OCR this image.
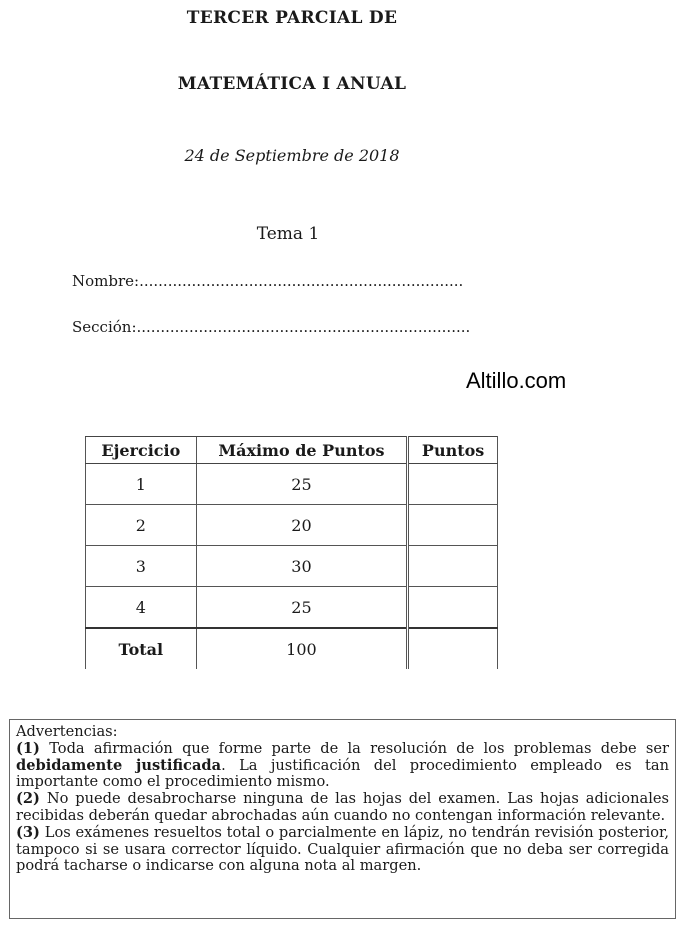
TERCER PARCIAL DE
MATEMÁTICA I ANUAL
24 de Septiembre de 2018
Tema 1
Nombre:....................................................................
Sección:......................................................................
Altillo.com
Ejercicio	Máximo de Puntos	Puntos
1	25	
2	20	
3	30	
4	25	
Total	100	

Advertencias:

(1) Toda afirmación que forme parte de la resolución de los problemas debe ser debidamente justificada. La justificación del procedimiento empleado es tan importante como el procedimiento mismo.

(2) No puede desabrocharse ninguna de las hojas del examen. Las hojas adicionales recibidas deberán quedar abrochadas aún cuando no contengan información relevante.

(3) Los exámenes resueltos total o parcialmente en lápiz, no tendrán revisión posterior, tampoco si se usara corrector líquido. Cualquier afirmación que no deba ser corregida podrá tacharse o indicarse con alguna nota al margen.
